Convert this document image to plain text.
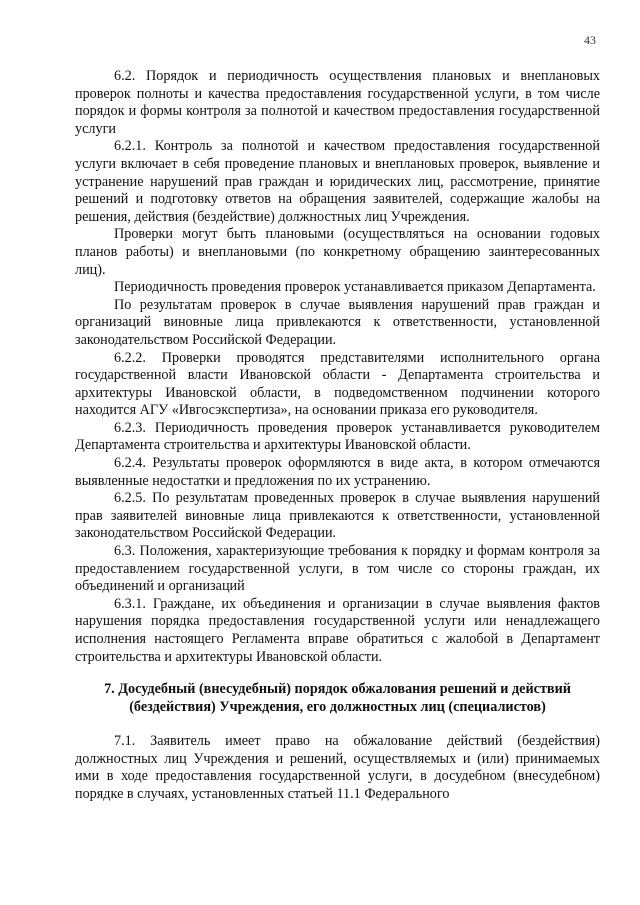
43

6.2. Порядок и периодичность осуществления плановых и внеплановых проверок полноты и качества предоставления государственной услуги, в том числе порядок и формы контроля за полнотой и качеством предоставления государственной услуги

6.2.1. Контроль за полнотой и качеством предоставления государственной услуги включает в себя проведение плановых и внеплановых проверок, выявление и устранение нарушений прав граждан и юридических лиц, рассмотрение, принятие решений и подготовку ответов на обращения заявителей, содержащие жалобы на решения, действия (бездействие) должностных лиц Учреждения.

Проверки могут быть плановыми (осуществляться на основании годовых планов работы) и внеплановыми (по конкретному обращению заинтересованных лиц).

Периодичность проведения проверок устанавливается приказом Департамента.

По результатам проверок в случае выявления нарушений прав граждан и организаций виновные лица привлекаются к ответственности, установленной законодательством Российской Федерации.

6.2.2. Проверки проводятся представителями исполнительного органа государственной власти Ивановской области - Департамента строительства и архитектуры Ивановской области, в подведомственном подчинении которого находится АГУ «Ивгосэкспертиза», на основании приказа его руководителя.

6.2.3. Периодичность проведения проверок устанавливается руководителем Департамента строительства и архитектуры Ивановской области.

6.2.4. Результаты проверок оформляются в виде акта, в котором отмечаются выявленные недостатки и предложения по их устранению.

6.2.5. По результатам проведенных проверок в случае выявления нарушений прав заявителей виновные лица привлекаются к ответственности, установленной законодательством Российской Федерации.

6.3. Положения, характеризующие требования к порядку и формам контроля за предоставлением государственной услуги, в том числе со стороны граждан, их объединений и организаций

6.3.1. Граждане, их объединения и организации в случае выявления фактов нарушения порядка предоставления государственной услуги или ненадлежащего исполнения настоящего Регламента вправе обратиться с жалобой в Департамент строительства и архитектуры Ивановской области.

7. Досудебный (внесудебный) порядок обжалования решений и действий (бездействия) Учреждения, его должностных лиц (специалистов)

7.1. Заявитель имеет право на обжалование действий (бездействия) должностных лиц Учреждения и решений, осуществляемых и (или) принимаемых ими в ходе предоставления государственной услуги, в досудебном (внесудебном) порядке в случаях, установленных статьей 11.1 Федерального
